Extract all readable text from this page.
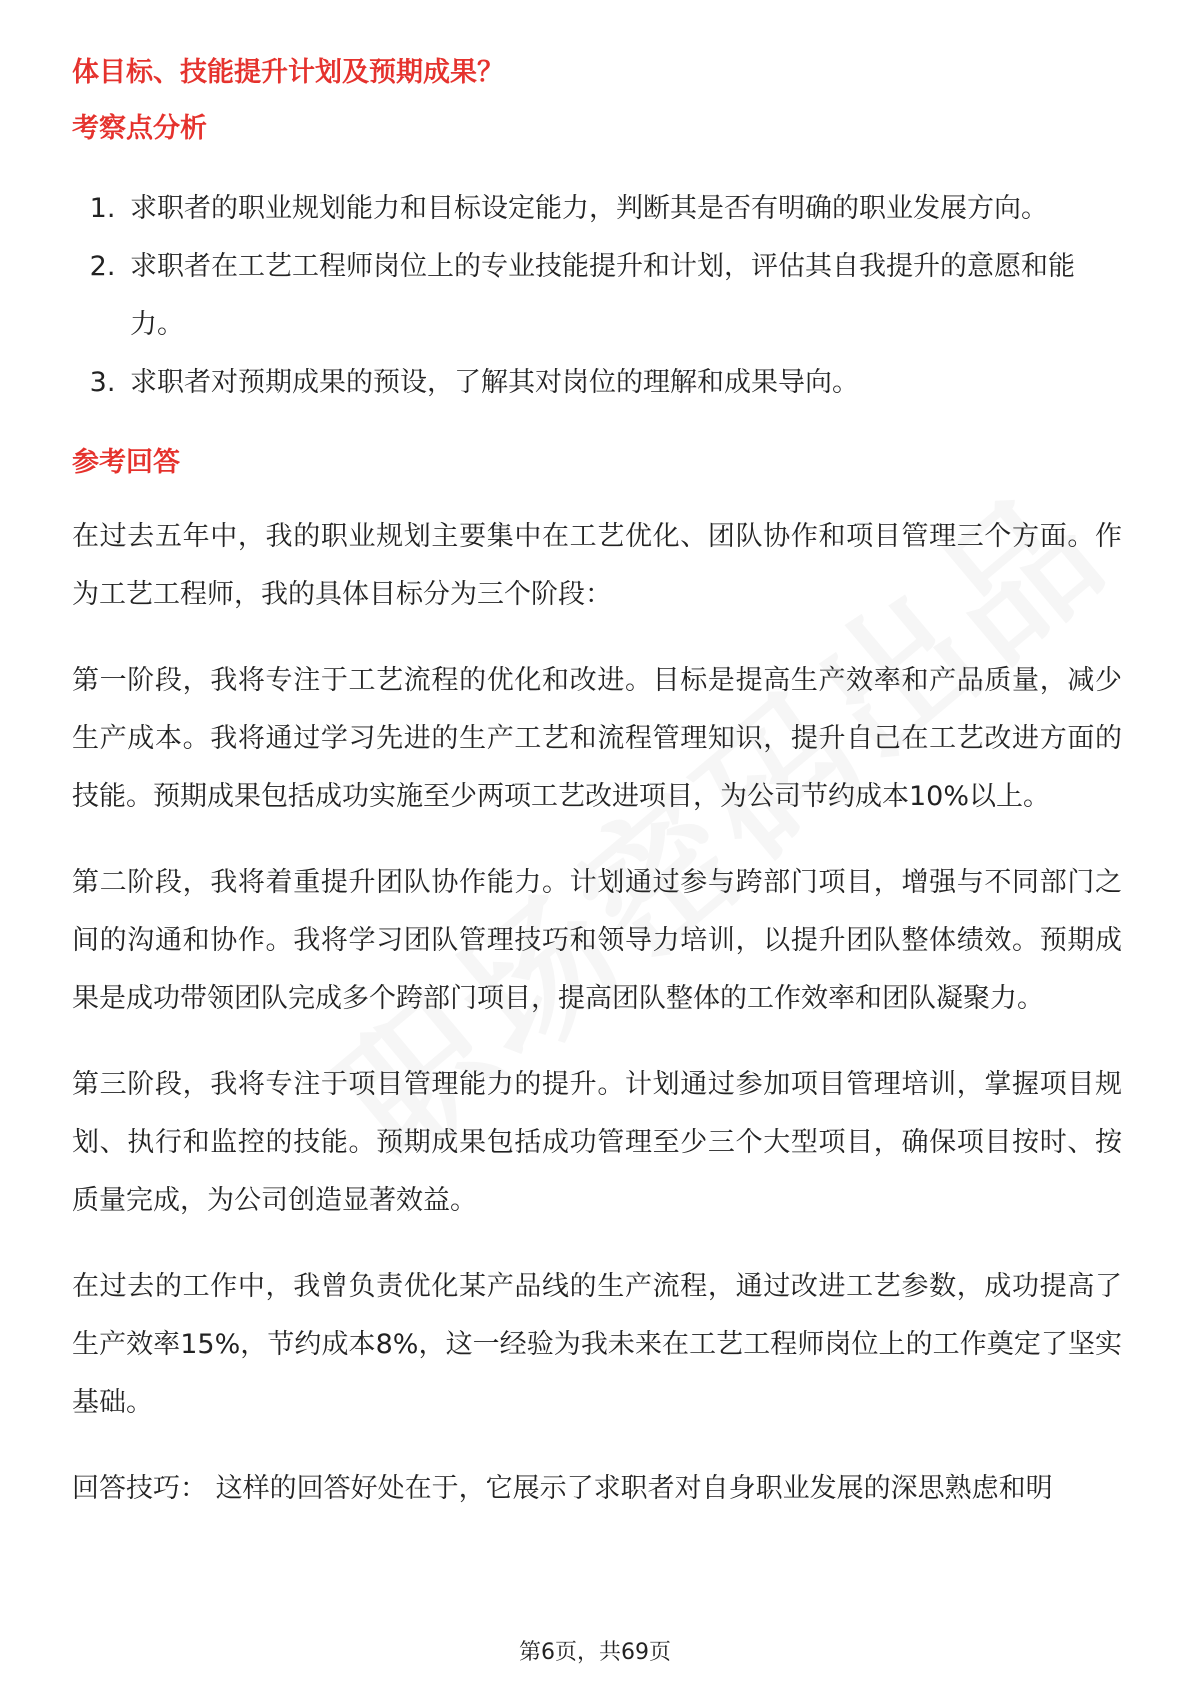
体目标、技能提升计划及预期成果？
考察点分析
1. 求职者的职业规划能力和目标设定能力，判断其是否有明确的职业发展方向。
2. 求职者在工艺工程师岗位上的专业技能提升和计划，评估其自我提升的意愿和能力。
3. 求职者对预期成果的预设，了解其对岗位的理解和成果导向。
参考回答

在过去五年中，我的职业规划主要集中在工艺优化、团队协作和项目管理三个方面。作为工艺工程师，我的具体目标分为三个阶段：

第一阶段，我将专注于工艺流程的优化和改进。目标是提高生产效率和产品质量，减少生产成本。我将通过学习先进的生产工艺和流程管理知识，提升自己在工艺改进方面的技能。预期成果包括成功实施至少两项工艺改进项目，为公司节约成本10%以上。

第二阶段，我将着重提升团队协作能力。计划通过参与跨部门项目，增强与不同部门之间的沟通和协作。我将学习团队管理技巧和领导力培训，以提升团队整体绩效。预期成果是成功带领团队完成多个跨部门项目，提高团队整体的工作效率和团队凝聚力。

第三阶段，我将专注于项目管理能力的提升。计划通过参加项目管理培训，掌握项目规划、执行和监控的技能。预期成果包括成功管理至少三个大型项目，确保项目按时、按质量完成，为公司创造显著效益。

在过去的工作中，我曾负责优化某产品线的生产流程，通过改进工艺参数，成功提高了生产效率15%，节约成本8%，这一经验为我未来在工艺工程师岗位上的工作奠定了坚实基础。

回答技巧： 这样的回答好处在于，它展示了求职者对自身职业发展的深思熟虑和明

第6页，共69页
